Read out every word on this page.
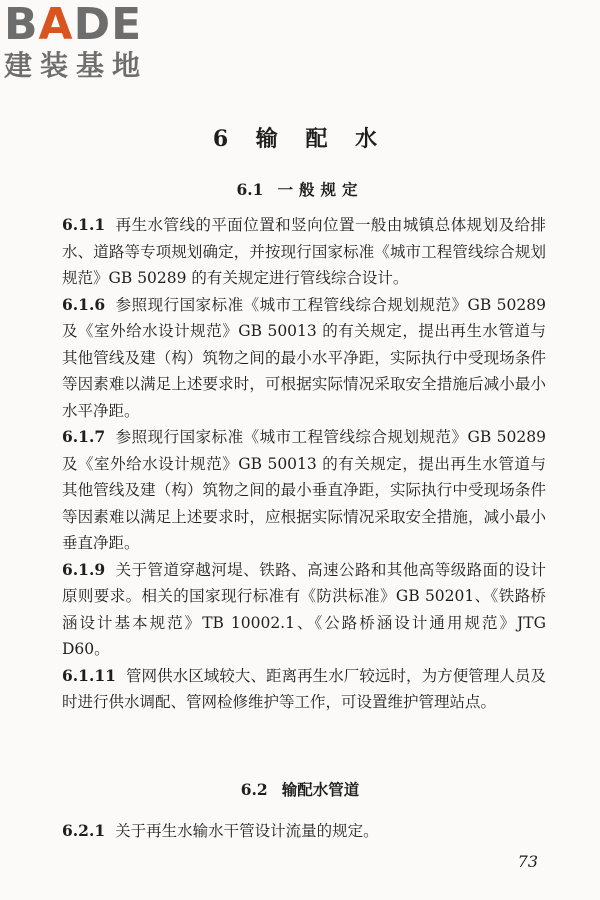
BADE
建装基地
6 输 配 水
6.1 一般规定

6.1.1 再生水管线的平面位置和竖向位置一般由城镇总体规划及给排水、道路等专项规划确定，并按现行国家标准《城市工程管线综合规划规范》GB 50289 的有关规定进行管线综合设计。

6.1.6 参照现行国家标准《城市工程管线综合规划规范》GB 50289 及《室外给水设计规范》GB 50013 的有关规定，提出再生水管道与其他管线及建（构）筑物之间的最小水平净距，实际执行中受现场条件等因素难以满足上述要求时，可根据实际情况采取安全措施后减小最小水平净距。

6.1.7 参照现行国家标准《城市工程管线综合规划规范》GB 50289 及《室外给水设计规范》GB 50013 的有关规定，提出再生水管道与其他管线及建（构）筑物之间的最小垂直净距，实际执行中受现场条件等因素难以满足上述要求时，应根据实际情况采取安全措施，减小最小垂直净距。

6.1.9 关于管道穿越河堤、铁路、高速公路和其他高等级路面的设计原则要求。相关的国家现行标准有《防洪标准》GB 50201、《铁路桥涵设计基本规范》TB 10002.1、《公路桥涵设计通用规范》JTG D60。

6.1.11 管网供水区域较大、距离再生水厂较远时，为方便管理人员及时进行供水调配、管网检修维护等工作，可设置维护管理站点。

6.2 输配水管道

6.2.1 关于再生水输水干管设计流量的规定。

73
